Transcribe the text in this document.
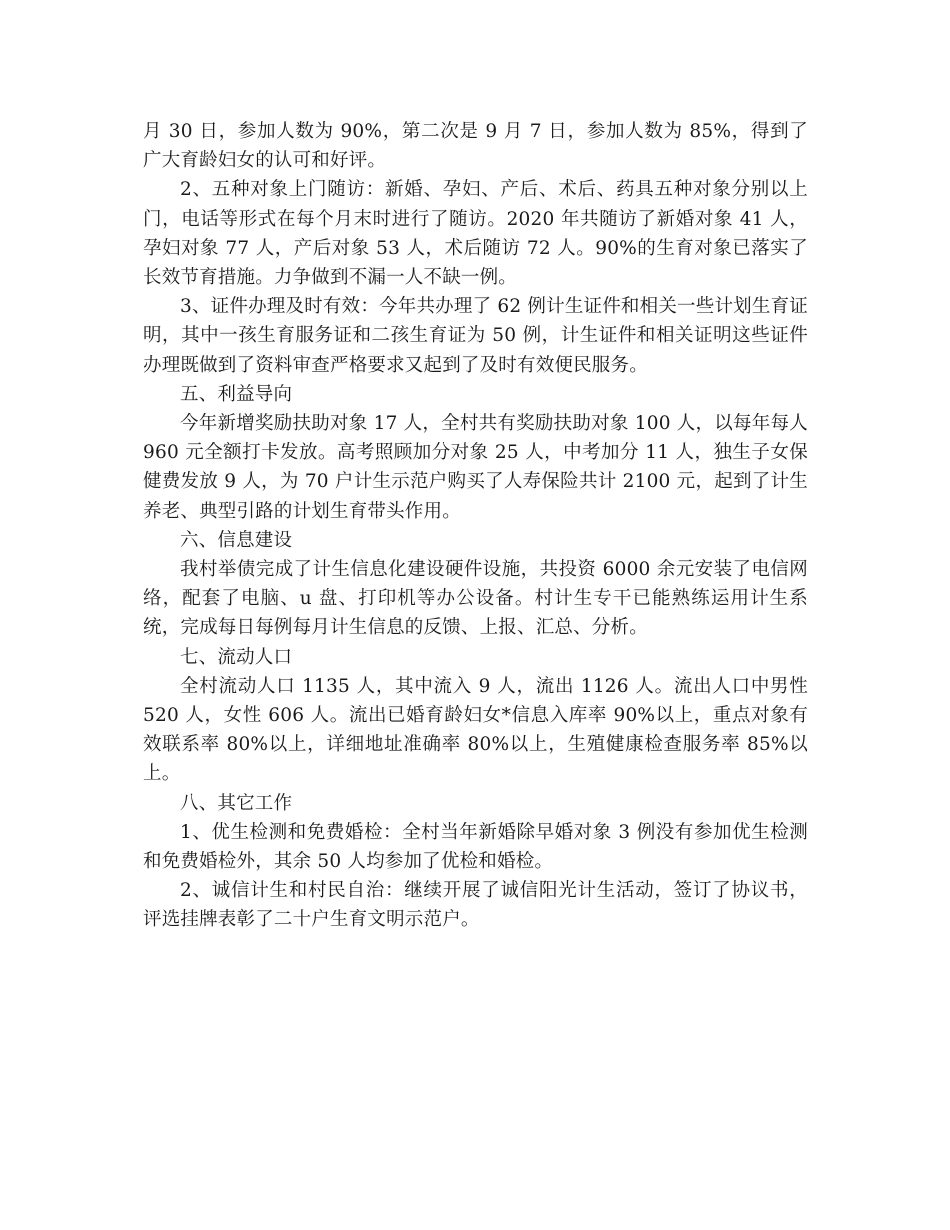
月 30 日，参加人数为 90%，第二次是 9 月 7 日，参加人数为 85%，得到了广大育龄妇女的认可和好评。

2、五种对象上门随访：新婚、孕妇、产后、术后、药具五种对象分别以上门，电话等形式在每个月末时进行了随访。2020 年共随访了新婚对象 41 人，孕妇对象 77 人，产后对象 53 人，术后随访 72 人。90%的生育对象已落实了长效节育措施。力争做到不漏一人不缺一例。

3、证件办理及时有效：今年共办理了 62 例计生证件和相关一些计划生育证明，其中一孩生育服务证和二孩生育证为 50 例，计生证件和相关证明这些证件办理既做到了资料审查严格要求又起到了及时有效便民服务。

五、利益导向

今年新增奖励扶助对象 17 人，全村共有奖励扶助对象 100 人，以每年每人 960 元全额打卡发放。高考照顾加分对象 25 人，中考加分 11 人，独生子女保健费发放 9 人，为 70 户计生示范户购买了人寿保险共计 2100 元，起到了计生养老、典型引路的计划生育带头作用。

六、信息建设

我村举债完成了计生信息化建设硬件设施，共投资 6000 余元安装了电信网络，配套了电脑、u 盘、打印机等办公设备。村计生专干已能熟练运用计生系统，完成每日每例每月计生信息的反馈、上报、汇总、分析。

七、流动人口

全村流动人口 1135 人，其中流入 9 人，流出 1126 人。流出人口中男性 520 人，女性 606 人。流出已婚育龄妇女*信息入库率 90%以上，重点对象有效联系率 80%以上，详细地址准确率 80%以上，生殖健康检查服务率 85%以上。

八、其它工作

1、优生检测和免费婚检：全村当年新婚除早婚对象 3 例没有参加优生检测和免费婚检外，其余 50 人均参加了优检和婚检。

2、诚信计生和村民自治：继续开展了诚信阳光计生活动，签订了协议书，评选挂牌表彰了二十户生育文明示范户。
